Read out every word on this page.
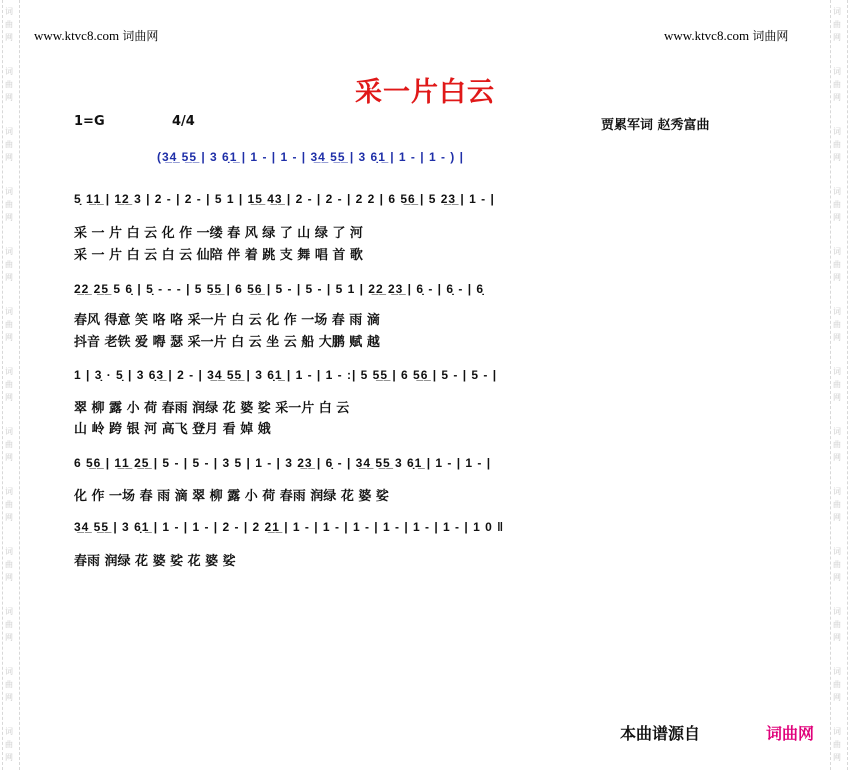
词
曲
网
词
曲
网
词
曲
网
词
曲
网
词
曲
网
词
曲
网
词
曲
网
词
曲
网
词
曲
网
词
曲
网
词
曲
网
词
曲
网
词
曲
网
词
曲
网
词
曲
网
词
曲
网
词
曲
网
词
曲
网
词
曲
网
词
曲
网
词
曲
网
词
曲
网
词
曲
网
词
曲
网
词
曲
网
词
曲
网
www.ktvc8.com 词曲网	www.ktvc8.com 词曲网
采一片白云
1=G	4/4	贾累军词 赵秀富曲
(3̲4̲ 5̲5̲ | 3 6̣1̲ | 1 - | 1 - | 3̲4̲ 5̲5̲ | 3 6̣1̲ | 1 - | 1 - ) |
5̣ 1̲1̲ | 1̲2̲ 3 | 2 - | 2 - | 5 1 | 1̲5̲ 4̲3̲ | 2 - | 2 - | 2 2 | 6 5̲6̲ | 5 2̲3̲ | 1 - |
采 一 片 白 云 化 作 一缕 春 风 绿 了 山 绿 了 河
采 一 片 白 云 白 云 仙陪 伴 着 跳 支 舞 唱 首 歌
2̲2̲ 2̲5̲ 5 6̣ | 5̣ - - - | 5 5̲5̲ | 6 5̲6̲ | 5 - | 5 - | 5 1 | 2̲2̲ 2̲3̲ | 6̣ - | 6̣ - | 6̣
春风 得意 笑 咯 咯 采一片 白 云 化 作 一场 春 雨 滴
抖音 老铁 爱 嘚 瑟 采一片 白 云 坐 云 船 大鹏 赋 越
1 | 3̣ · 5̣ | 3 6̣3̲ | 2 - | 3̲4̲ 5̲5̲ | 3 6̣1̲ | 1 - | 1 - :| 5 5̲5̲ | 6 5̲6̲ | 5 - | 5 - |
翠 柳 露 小 荷 春雨 润绿 花 婆 娑 采一片 白 云
山 岭 跨 银 河 高飞 登月 看 婥 娥
6 5̲6̲ | 1̲1̲ 2̲5̲ | 5 - | 5 - | 3 5 | 1 - | 3 2̲3̲ | 6̣ - | 3̲4̲ 5̲5̲ 3 6̣1̲ | 1 - | 1 - |
化 作 一场 春 雨 滴 翠 柳 露 小 荷 春雨 润绿 花 婆 娑
3̲4̲ 5̲5̲ | 3 6̣1̲ | 1 - | 1 - | 2 - | 2 2̲1̲ | 1 - | 1 - | 1 - | 1 - | 1 - | 1 - | 1 0 ‖
春雨 润绿 花 婆 娑 花 婆 娑
本曲谱源自	词曲网
